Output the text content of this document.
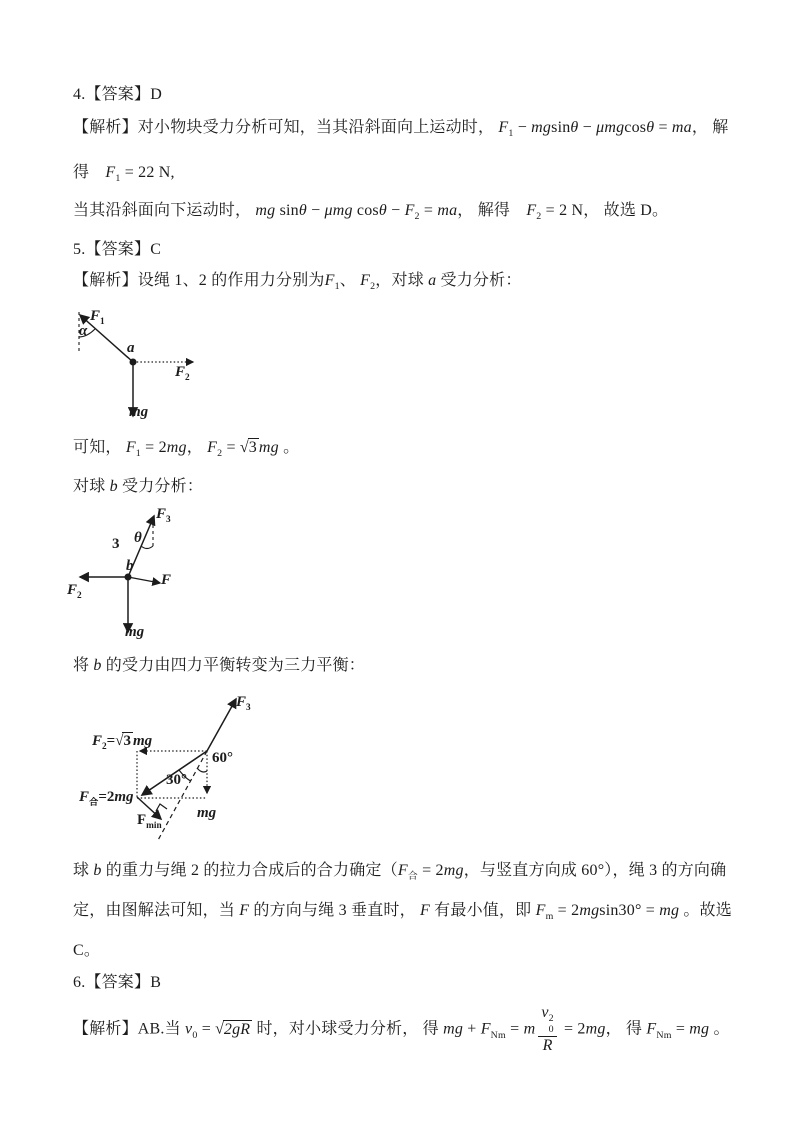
4.【答案】D
【解析】对小物块受力分析可知，当其沿斜面向上运动时， $F_1 - mgsin\theta - \mu mgcos\theta$ = ma， 解
得　$F_1 = 22$ N,
当其沿斜面向下运动时， mg sinθ − μmg $\cos\theta - F_2$ = ma， 解得　$F_2 = 2$ N， 故选 D。
5.【答案】C
【解析】设绳 1、2 的作用力分别为$F_1$、 $F_2$，对球 a 受力分析：
可知， $F_1 = 2mg$， $F_2 = √3$ mg 。
对球 b 受力分析：
将 b 的受力由四力平衡转变为三力平衡：
球 b 的重力与绳 2 的拉力合成后的合力确定（$F_合 = 2mg$，与竖直方向成 60°），绳 3 的方向确
定，由图解法可知，当 F 的方向与绳 3 垂直时， F 有最小值，即 $F_m = 2mgsin30^\circ$ = mg 。故选
C。
6.【答案】B
【解析】AB.当 $v_0 = √2gR$ 时，对小球受力分析， 得 mg + $F_{Nm} = m$ v 2
0
R = 2mg， 得 $F_{Nm}$ = mg 。
$F_1$
α
a
$F_2$
mg
$F_3$
θ
3
b
$F_2$
F
mg
$F_3$
$F_2=√3$ mg
60°
30°
$F_合=2mg$
mg
$F_{min}$
